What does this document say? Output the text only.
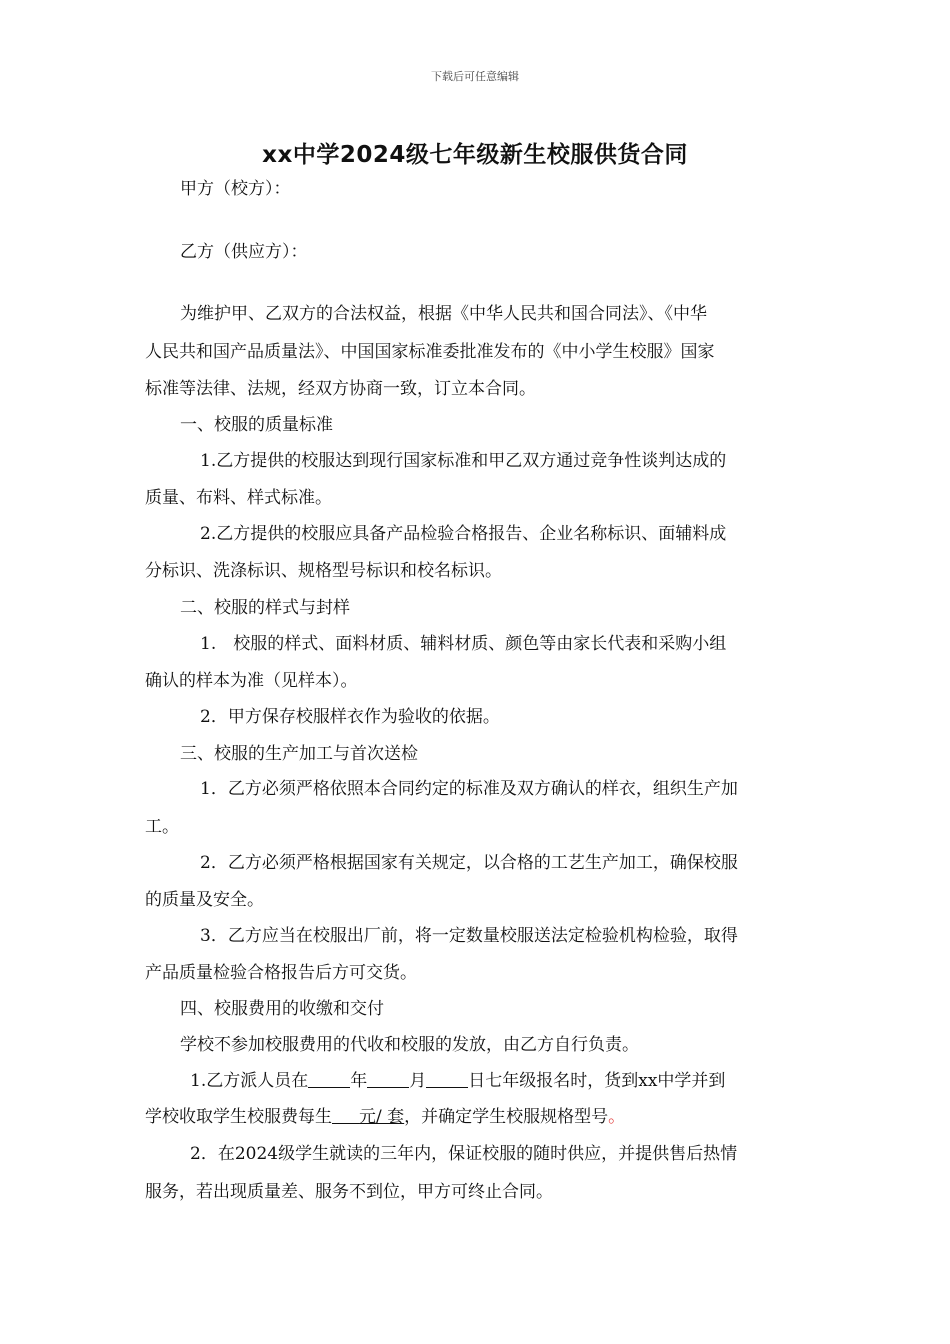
下载后可任意编辑
xx中学2024级七年级新生校服供货合同
甲方（校方）：
乙方（供应方）：
为维护甲、乙双方的合法权益，根据《中华人民共和国合同法》、《中华
人民共和国产品质量法》、中国国家标准委批准发布的《中小学生校服》国家
标准等法律、法规，经双方协商一致，订立本合同。
一、校服的质量标准
1.乙方提供的校服达到现行国家标准和甲乙双方通过竞争性谈判达成的
质量、布料、样式标准。
2.乙方提供的校服应具备产品检验合格报告、企业名称标识、面辅料成
分标识、洗涤标识、规格型号标识和校名标识。
二、校服的样式与封样
1.　校服的样式、面料材质、辅料材质、颜色等由家长代表和采购小组
确认的样本为准（见样本）。
2．甲方保存校服样衣作为验收的依据。
三、校服的生产加工与首次送检
1．乙方必须严格依照本合同约定的标准及双方确认的样衣，组织生产加
工。
2．乙方必须严格根据国家有关规定，以合格的工艺生产加工，确保校服
的质量及安全。
3．乙方应当在校服出厂前，将一定数量校服送法定检验机构检验，取得
产品质量检验合格报告后方可交货。
四、校服费用的收缴和交付
学校不参加校服费用的代收和校服的发放，由乙方自行负责。
1.乙方派人员在 年 月 日七年级报名时，货到xx中学并到
学校收取学生校服费每生 元/ 套，并确定学生校服规格型号。
2．在2024级学生就读的三年内，保证校服的随时供应，并提供售后热情
服务，若出现质量差、服务不到位，甲方可终止合同。
